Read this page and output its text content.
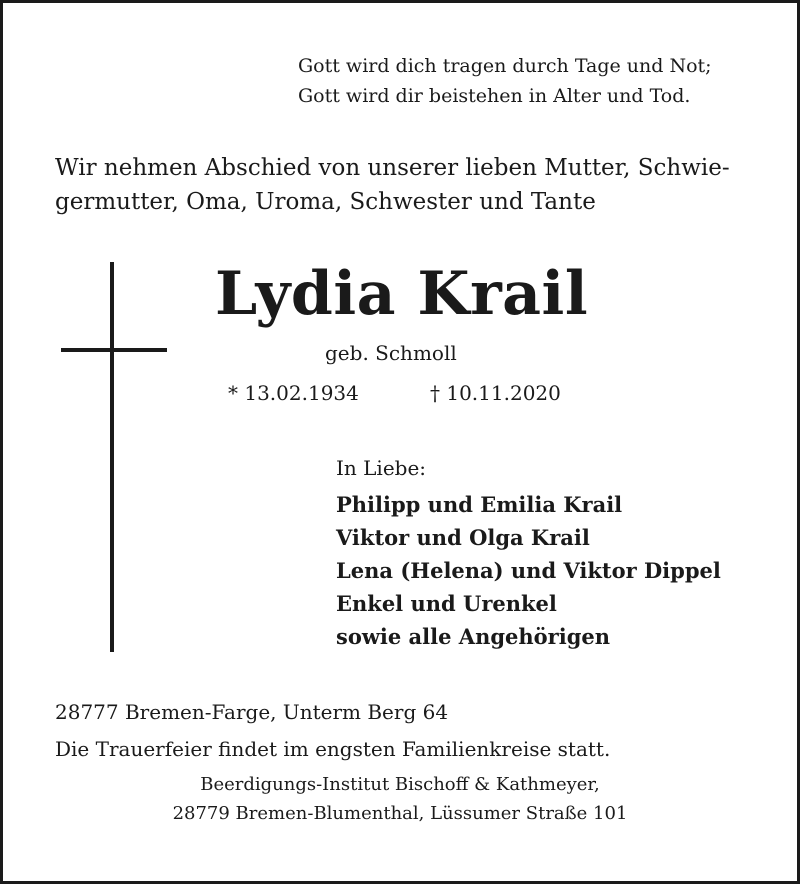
Gott wird dich tragen durch Tage und Not;
Gott wird dir beistehen in Alter und Tod.
Wir nehmen Abschied von unserer lieben Mutter, Schwie-
germutter, Oma, Uroma, Schwester und Tante
Lydia Krail
geb. Schmoll
* 13.02.1934	† 10.11.2020
In Liebe:
Philipp und Emilia Krail
Viktor und Olga Krail
Lena (Helena) und Viktor Dippel
Enkel und Urenkel
sowie alle Angehörigen
28777 Bremen-Farge, Unterm Berg 64
Die Trauerfeier findet im engsten Familienkreise statt.
Beerdigungs-Institut Bischoff & Kathmeyer,
28779 Bremen-Blumenthal, Lüssumer Straße 101
